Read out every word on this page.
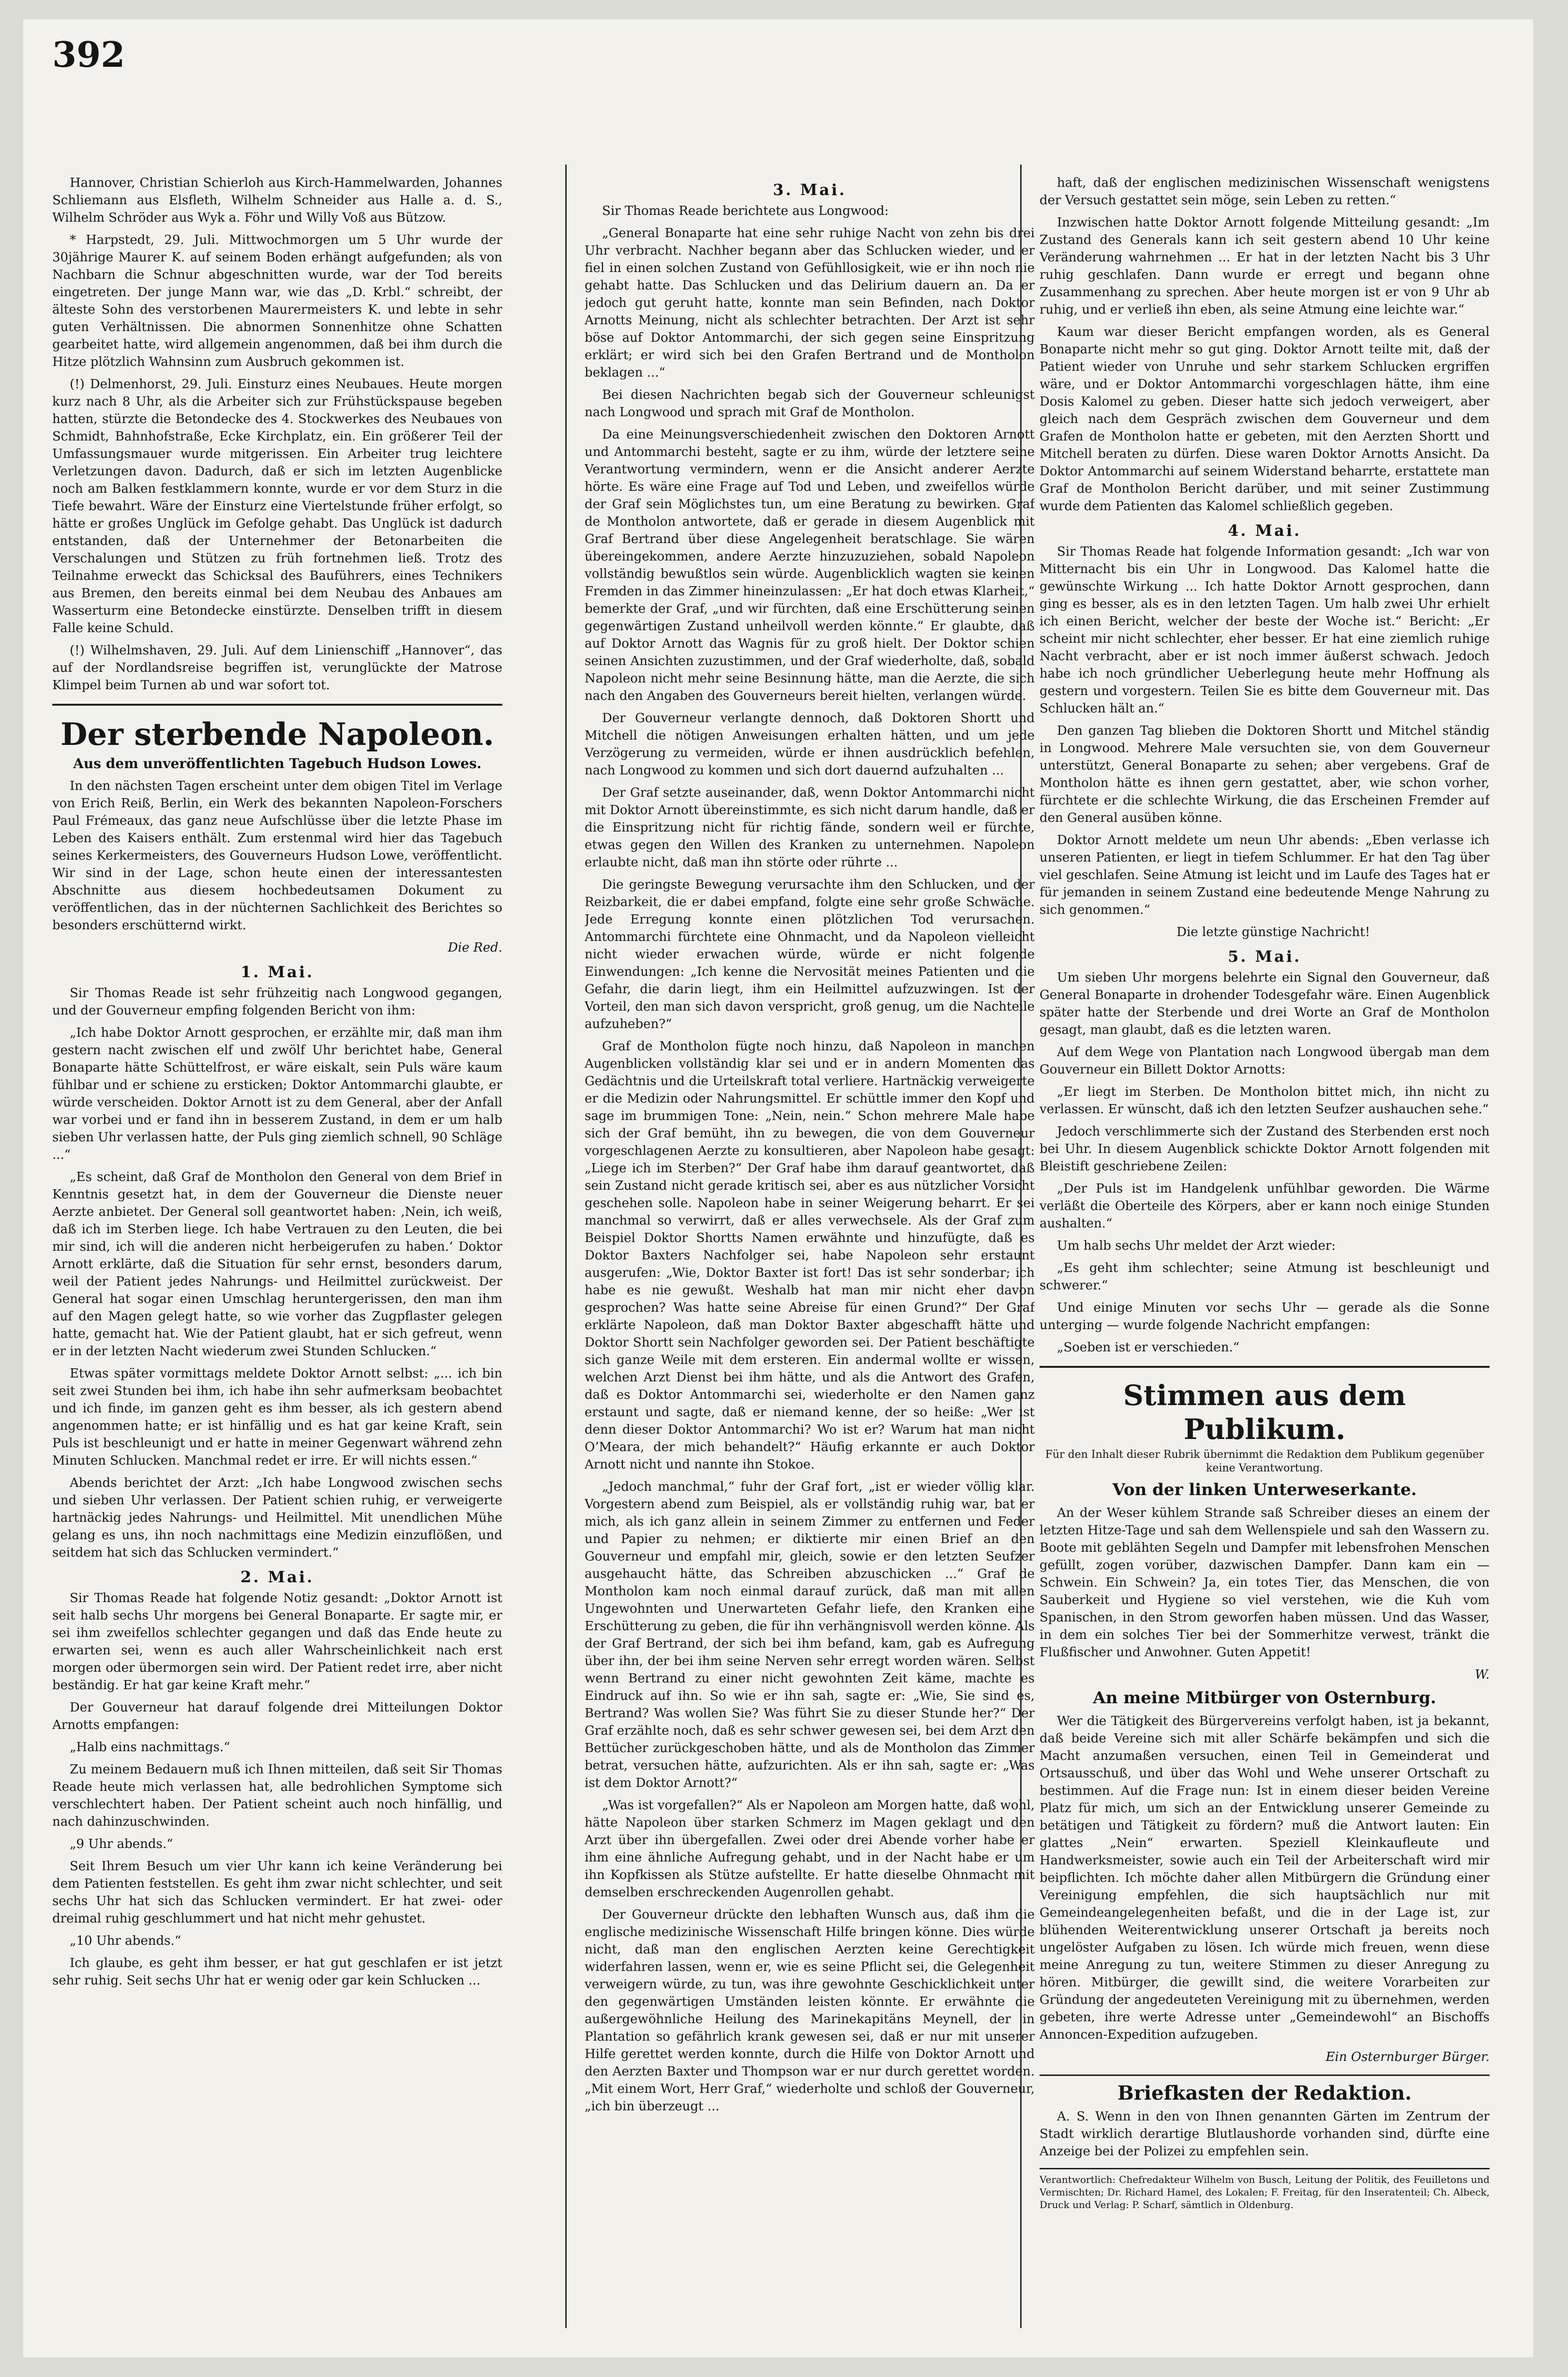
392

Hannover, Christian Schierloh aus Kirch-Hammelwarden, Johannes Schliemann aus Elsfleth, Wilhelm Schneider aus Halle a. d. S., Wilhelm Schröder aus Wyk a. Föhr und Willy Voß aus Bützow.

* Harpstedt, 29. Juli. Mittwochmorgen um 5 Uhr wurde der 30jährige Maurer K. auf seinem Boden erhängt aufgefunden; als von Nachbarn die Schnur abgeschnitten wurde, war der Tod bereits eingetreten. Der junge Mann war, wie das „D. Krbl.“ schreibt, der älteste Sohn des verstorbenen Maurermeisters K. und lebte in sehr guten Verhältnissen. Die abnormen Sonnenhitze ohne Schatten gearbeitet hatte, wird allgemein angenommen, daß bei ihm durch die Hitze plötzlich Wahnsinn zum Ausbruch gekommen ist.

(!) Delmenhorst, 29. Juli. Einsturz eines Neubaues. Heute morgen kurz nach 8 Uhr, als die Arbeiter sich zur Frühstückspause begeben hatten, stürzte die Betondecke des 4. Stockwerkes des Neubaues von Schmidt, Bahnhofstraße, Ecke Kirchplatz, ein. Ein größerer Teil der Umfassungsmauer wurde mitgerissen. Ein Arbeiter trug leichtere Verletzungen davon. Dadurch, daß er sich im letzten Augenblicke noch am Balken festklammern konnte, wurde er vor dem Sturz in die Tiefe bewahrt. Wäre der Einsturz eine Viertelstunde früher erfolgt, so hätte er großes Unglück im Gefolge gehabt. Das Unglück ist dadurch entstanden, daß der Unternehmer der Betonarbeiten die Verschalungen und Stützen zu früh fortnehmen ließ. Trotz des Teilnahme erweckt das Schicksal des Bauführers, eines Technikers aus Bremen, den bereits einmal bei dem Neubau des Anbaues am Wasserturm eine Betondecke einstürzte. Denselben trifft in diesem Falle keine Schuld.

(!) Wilhelmshaven, 29. Juli. Auf dem Linienschiff „Hannover“, das auf der Nordlandsreise begriffen ist, verunglückte der Matrose Klimpel beim Turnen ab und war sofort tot.

Der sterbende Napoleon.
Aus dem unveröffentlichten Tagebuch Hudson Lowes.

In den nächsten Tagen erscheint unter dem obigen Titel im Verlage von Erich Reiß, Berlin, ein Werk des bekannten Napoleon-Forschers Paul Frémeaux, das ganz neue Aufschlüsse über die letzte Phase im Leben des Kaisers enthält. Zum erstenmal wird hier das Tagebuch seines Kerkermeisters, des Gouverneurs Hudson Lowe, veröffentlicht. Wir sind in der Lage, schon heute einen der interessantesten Abschnitte aus diesem hochbedeutsamen Dokument zu veröffentlichen, das in der nüchternen Sachlichkeit des Berichtes so besonders erschütternd wirkt.

Die Red.
1. Mai.

Sir Thomas Reade ist sehr frühzeitig nach Longwood gegangen, und der Gouverneur empfing folgenden Bericht von ihm:

„Ich habe Doktor Arnott gesprochen, er erzählte mir, daß man ihm gestern nacht zwischen elf und zwölf Uhr berichtet habe, General Bonaparte hätte Schüttelfrost, er wäre eiskalt, sein Puls wäre kaum fühlbar und er schiene zu ersticken; Doktor Antommarchi glaubte, er würde verscheiden. Doktor Arnott ist zu dem General, aber der Anfall war vorbei und er fand ihn in besserem Zustand, in dem er um halb sieben Uhr verlassen hatte, der Puls ging ziemlich schnell, 90 Schläge ...“

„Es scheint, daß Graf de Montholon den General von dem Brief in Kenntnis gesetzt hat, in dem der Gouverneur die Dienste neuer Aerzte anbietet. Der General soll geantwortet haben: ‚Nein, ich weiß, daß ich im Sterben liege. Ich habe Vertrauen zu den Leuten, die bei mir sind, ich will die anderen nicht herbeigerufen zu haben.‘ Doktor Arnott erklärte, daß die Situation für sehr ernst, besonders darum, weil der Patient jedes Nahrungs- und Heilmittel zurückweist. Der General hat sogar einen Umschlag heruntergerissen, den man ihm auf den Magen gelegt hatte, so wie vorher das Zugpflaster gelegen hatte, gemacht hat. Wie der Patient glaubt, hat er sich gefreut, wenn er in der letzten Nacht wiederum zwei Stunden Schlucken.“

Etwas später vormittags meldete Doktor Arnott selbst: „... ich bin seit zwei Stunden bei ihm, ich habe ihn sehr aufmerksam beobachtet und ich finde, im ganzen geht es ihm besser, als ich gestern abend angenommen hatte; er ist hinfällig und es hat gar keine Kraft, sein Puls ist beschleunigt und er hatte in meiner Gegenwart während zehn Minuten Schlucken. Manchmal redet er irre. Er will nichts essen.“

Abends berichtet der Arzt: „Ich habe Longwood zwischen sechs und sieben Uhr verlassen. Der Patient schien ruhig, er verweigerte hartnäckig jedes Nahrungs- und Heilmittel. Mit unendlichen Mühe gelang es uns, ihn noch nachmittags eine Medizin einzuflößen, und seitdem hat sich das Schlucken vermindert.“

2. Mai.

Sir Thomas Reade hat folgende Notiz gesandt: „Doktor Arnott ist seit halb sechs Uhr morgens bei General Bonaparte. Er sagte mir, er sei ihm zweifellos schlechter gegangen und daß das Ende heute zu erwarten sei, wenn es auch aller Wahrscheinlichkeit nach erst morgen oder übermorgen sein wird. Der Patient redet irre, aber nicht beständig. Er hat gar keine Kraft mehr.“

Der Gouverneur hat darauf folgende drei Mitteilungen Doktor Arnotts empfangen:

„Halb eins nachmittags.“

Zu meinem Bedauern muß ich Ihnen mitteilen, daß seit Sir Thomas Reade heute mich verlassen hat, alle bedrohlichen Symptome sich verschlechtert haben. Der Patient scheint auch noch hinfällig, und nach dahinzuschwinden.

„9 Uhr abends.“

Seit Ihrem Besuch um vier Uhr kann ich keine Veränderung bei dem Patienten feststellen. Es geht ihm zwar nicht schlechter, und seit sechs Uhr hat sich das Schlucken vermindert. Er hat zwei- oder dreimal ruhig geschlummert und hat nicht mehr gehustet.

„10 Uhr abends.“

Ich glaube, es geht ihm besser, er hat gut geschlafen er ist jetzt sehr ruhig. Seit sechs Uhr hat er wenig oder gar kein Schlucken ...

3. Mai.

Sir Thomas Reade berichtete aus Longwood:

„General Bonaparte hat eine sehr ruhige Nacht von zehn bis drei Uhr verbracht. Nachher begann aber das Schlucken wieder, und er fiel in einen solchen Zustand von Gefühllosigkeit, wie er ihn noch nie gehabt hatte. Das Schlucken und das Delirium dauern an. Da er jedoch gut geruht hatte, konnte man sein Befinden, nach Doktor Arnotts Meinung, nicht als schlechter betrachten. Der Arzt ist sehr böse auf Doktor Antommarchi, der sich gegen seine Einspritzung erklärt; er wird sich bei den Grafen Bertrand und de Montholon beklagen ...“

Bei diesen Nachrichten begab sich der Gouverneur schleunigst nach Longwood und sprach mit Graf de Montholon.

Da eine Meinungsverschiedenheit zwischen den Doktoren Arnott und Antommarchi besteht, sagte er zu ihm, würde der letztere seine Verantwortung vermindern, wenn er die Ansicht anderer Aerzte hörte. Es wäre eine Frage auf Tod und Leben, und zweifellos würde der Graf sein Möglichstes tun, um eine Beratung zu bewirken. Graf de Montholon antwortete, daß er gerade in diesem Augenblick mit Graf Bertrand über diese Angelegenheit beratschlage. Sie wären übereingekommen, andere Aerzte hinzuzuziehen, sobald Napoleon vollständig bewußtlos sein würde. Augenblicklich wagten sie keinen Fremden in das Zimmer hineinzulassen: „Er hat doch etwas Klarheit,“ bemerkte der Graf, „und wir fürchten, daß eine Erschütterung seinen gegenwärtigen Zustand unheilvoll werden könnte.“ Er glaubte, daß auf Doktor Arnott das Wagnis für zu groß hielt. Der Doktor schien seinen Ansichten zuzustimmen, und der Graf wiederholte, daß, sobald Napoleon nicht mehr seine Besinnung hätte, man die Aerzte, die sich nach den Angaben des Gouverneurs bereit hielten, verlangen würde.

Der Gouverneur verlangte dennoch, daß Doktoren Shortt und Mitchell die nötigen Anweisungen erhalten hätten, und um jede Verzögerung zu vermeiden, würde er ihnen ausdrücklich befehlen, nach Longwood zu kommen und sich dort dauernd aufzuhalten ...

Der Graf setzte auseinander, daß, wenn Doktor Antommarchi nicht mit Doktor Arnott übereinstimmte, es sich nicht darum handle, daß er die Einspritzung nicht für richtig fände, sondern weil er fürchte, etwas gegen den Willen des Kranken zu unternehmen. Napoleon erlaubte nicht, daß man ihn störte oder rührte ...

Die geringste Bewegung verursachte ihm den Schlucken, und der Reizbarkeit, die er dabei empfand, folgte eine sehr große Schwäche. Jede Erregung konnte einen plötzlichen Tod verursachen. Antommarchi fürchtete eine Ohnmacht, und da Napoleon vielleicht nicht wieder erwachen würde, würde er nicht folgende Einwendungen: „Ich kenne die Nervosität meines Patienten und die Gefahr, die darin liegt, ihm ein Heilmittel aufzuzwingen. Ist der Vorteil, den man sich davon verspricht, groß genug, um die Nachteile aufzuheben?“

Graf de Montholon fügte noch hinzu, daß Napoleon in manchen Augenblicken vollständig klar sei und er in andern Momenten das Gedächtnis und die Urteilskraft total verliere. Hartnäckig verweigerte er die Medizin oder Nahrungsmittel. Er schüttle immer den Kopf und sage im brummigen Tone: „Nein, nein.“ Schon mehrere Male habe sich der Graf bemüht, ihn zu bewegen, die von dem Gouverneur vorgeschlagenen Aerzte zu konsultieren, aber Napoleon habe gesagt: „Liege ich im Sterben?“ Der Graf habe ihm darauf geantwortet, daß sein Zustand nicht gerade kritisch sei, aber es aus nützlicher Vorsicht geschehen solle. Napoleon habe in seiner Weigerung beharrt. Er sei manchmal so verwirrt, daß er alles verwechsele. Als der Graf zum Beispiel Doktor Shortts Namen erwähnte und hinzufügte, daß es Doktor Baxters Nachfolger sei, habe Napoleon sehr erstaunt ausgerufen: „Wie, Doktor Baxter ist fort! Das ist sehr sonderbar; ich habe es nie gewußt. Weshalb hat man mir nicht eher davon gesprochen? Was hatte seine Abreise für einen Grund?“ Der Graf erklärte Napoleon, daß man Doktor Baxter abgeschafft hätte und Doktor Shortt sein Nachfolger geworden sei. Der Patient beschäftigte sich ganze Weile mit dem ersteren. Ein andermal wollte er wissen, welchen Arzt Dienst bei ihm hätte, und als die Antwort des Grafen, daß es Doktor Antommarchi sei, wiederholte er den Namen ganz erstaunt und sagte, daß er niemand kenne, der so heiße: „Wer ist denn dieser Doktor Antommarchi? Wo ist er? Warum hat man nicht O’Meara, der mich behandelt?“ Häufig erkannte er auch Doktor Arnott nicht und nannte ihn Stokoe.

„Jedoch manchmal,“ fuhr der Graf fort, „ist er wieder völlig klar. Vorgestern abend zum Beispiel, als er vollständig ruhig war, bat er mich, als ich ganz allein in seinem Zimmer zu entfernen und Feder und Papier zu nehmen; er diktierte mir einen Brief an den Gouverneur und empfahl mir, gleich, sowie er den letzten Seufzer ausgehaucht hätte, das Schreiben abzuschicken ...“ Graf de Montholon kam noch einmal darauf zurück, daß man mit allen Ungewohnten und Unerwarteten Gefahr liefe, den Kranken eine Erschütterung zu geben, die für ihn verhängnisvoll werden könne. Als der Graf Bertrand, der sich bei ihm befand, kam, gab es Aufregung über ihn, der bei ihm seine Nerven sehr erregt worden wären. Selbst wenn Bertrand zu einer nicht gewohnten Zeit käme, machte es Eindruck auf ihn. So wie er ihn sah, sagte er: „Wie, Sie sind es, Bertrand? Was wollen Sie? Was führt Sie zu dieser Stunde her?“ Der Graf erzählte noch, daß es sehr schwer gewesen sei, bei dem Arzt den Bettücher zurückgeschoben hätte, und als de Montholon das Zimmer betrat, versuchen hätte, aufzurichten. Als er ihn sah, sagte er: „Was ist dem Doktor Arnott?“

„Was ist vorgefallen?“ Als er Napoleon am Morgen hatte, daß wohl, hätte Napoleon über starken Schmerz im Magen geklagt und den Arzt über ihn übergefallen. Zwei oder drei Abende vorher habe er ihm eine ähnliche Aufregung gehabt, und in der Nacht habe er um ihn Kopfkissen als Stütze aufstellte. Er hatte dieselbe Ohnmacht mit demselben erschreckenden Augenrollen gehabt.

Der Gouverneur drückte den lebhaften Wunsch aus, daß ihm die englische medizinische Wissenschaft Hilfe bringen könne. Dies würde nicht, daß man den englischen Aerzten keine Gerechtigkeit widerfahren lassen, wenn er, wie es seine Pflicht sei, die Gelegenheit verweigern würde, zu tun, was ihre gewohnte Geschicklichkeit unter den gegenwärtigen Umständen leisten könnte. Er erwähnte die außergewöhnliche Heilung des Marinekapitäns Meynell, der in Plantation so gefährlich krank gewesen sei, daß er nur mit unserer Hilfe gerettet werden konnte, durch die Hilfe von Doktor Arnott und den Aerzten Baxter und Thompson war er nur durch gerettet worden. „Mit einem Wort, Herr Graf,“ wiederholte und schloß der Gouverneur, „ich bin überzeugt ...

haft, daß der englischen medizinischen Wissenschaft wenigstens der Versuch gestattet sein möge, sein Leben zu retten.“

Inzwischen hatte Doktor Arnott folgende Mitteilung gesandt: „Im Zustand des Generals kann ich seit gestern abend 10 Uhr keine Veränderung wahrnehmen ... Er hat in der letzten Nacht bis 3 Uhr ruhig geschlafen. Dann wurde er erregt und begann ohne Zusammenhang zu sprechen. Aber heute morgen ist er von 9 Uhr ab ruhig, und er verließ ihn eben, als seine Atmung eine leichte war.“

Kaum war dieser Bericht empfangen worden, als es General Bonaparte nicht mehr so gut ging. Doktor Arnott teilte mit, daß der Patient wieder von Unruhe und sehr starkem Schlucken ergriffen wäre, und er Doktor Antommarchi vorgeschlagen hätte, ihm eine Dosis Kalomel zu geben. Dieser hatte sich jedoch verweigert, aber gleich nach dem Gespräch zwischen dem Gouverneur und dem Grafen de Montholon hatte er gebeten, mit den Aerzten Shortt und Mitchell beraten zu dürfen. Diese waren Doktor Arnotts Ansicht. Da Doktor Antommarchi auf seinem Widerstand beharrte, erstattete man Graf de Montholon Bericht darüber, und mit seiner Zustimmung wurde dem Patienten das Kalomel schließlich gegeben.

4. Mai.

Sir Thomas Reade hat folgende Information gesandt: „Ich war von Mitternacht bis ein Uhr in Longwood. Das Kalomel hatte die gewünschte Wirkung ... Ich hatte Doktor Arnott gesprochen, dann ging es besser, als es in den letzten Tagen. Um halb zwei Uhr erhielt ich einen Bericht, welcher der beste der Woche ist.“ Bericht: „Er scheint mir nicht schlechter, eher besser. Er hat eine ziemlich ruhige Nacht verbracht, aber er ist noch immer äußerst schwach. Jedoch habe ich noch gründlicher Ueberlegung heute mehr Hoffnung als gestern und vorgestern. Teilen Sie es bitte dem Gouverneur mit. Das Schlucken hält an.“

Den ganzen Tag blieben die Doktoren Shortt und Mitchel ständig in Longwood. Mehrere Male versuchten sie, von dem Gouverneur unterstützt, General Bonaparte zu sehen; aber vergebens. Graf de Montholon hätte es ihnen gern gestattet, aber, wie schon vorher, fürchtete er die schlechte Wirkung, die das Erscheinen Fremder auf den General ausüben könne.

Doktor Arnott meldete um neun Uhr abends: „Eben verlasse ich unseren Patienten, er liegt in tiefem Schlummer. Er hat den Tag über viel geschlafen. Seine Atmung ist leicht und im Laufe des Tages hat er für jemanden in seinem Zustand eine bedeutende Menge Nahrung zu sich genommen.“

Die letzte günstige Nachricht!

5. Mai.

Um sieben Uhr morgens belehrte ein Signal den Gouverneur, daß General Bonaparte in drohender Todesgefahr wäre. Einen Augenblick später hatte der Sterbende und drei Worte an Graf de Montholon gesagt, man glaubt, daß es die letzten waren.

Auf dem Wege von Plantation nach Longwood übergab man dem Gouverneur ein Billett Doktor Arnotts:

„Er liegt im Sterben. De Montholon bittet mich, ihn nicht zu verlassen. Er wünscht, daß ich den letzten Seufzer aushauchen sehe.“

Jedoch verschlimmerte sich der Zustand des Sterbenden erst noch bei Uhr. In diesem Augenblick schickte Doktor Arnott folgenden mit Bleistift geschriebene Zeilen:

„Der Puls ist im Handgelenk unfühlbar geworden. Die Wärme verläßt die Oberteile des Körpers, aber er kann noch einige Stunden aushalten.“

Um halb sechs Uhr meldet der Arzt wieder:

„Es geht ihm schlechter; seine Atmung ist beschleunigt und schwerer.“

Und einige Minuten vor sechs Uhr — gerade als die Sonne unterging — wurde folgende Nachricht empfangen:

„Soeben ist er verschieden.“

Stimmen aus dem Publikum.
Für den Inhalt dieser Rubrik übernimmt die Redaktion dem Publikum gegenüber keine Verantwortung.
Von der linken Unterweserkante.

An der Weser kühlem Strande saß Schreiber dieses an einem der letzten Hitze-Tage und sah dem Wellenspiele und sah den Wassern zu. Boote mit geblähten Segeln und Dampfer mit lebensfrohen Menschen gefüllt, zogen vorüber, dazwischen Dampfer. Dann kam ein — Schwein. Ein Schwein? Ja, ein totes Tier, das Menschen, die von Sauberkeit und Hygiene so viel verstehen, wie die Kuh vom Spanischen, in den Strom geworfen haben müssen. Und das Wasser, in dem ein solches Tier bei der Sommerhitze verwest, tränkt die Flußfischer und Anwohner. Guten Appetit!

W.
An meine Mitbürger von Osternburg.

Wer die Tätigkeit des Bürgervereins verfolgt haben, ist ja bekannt, daß beide Vereine sich mit aller Schärfe bekämpfen und sich die Macht anzumaßen versuchen, einen Teil in Gemeinderat und Ortsausschuß, und über das Wohl und Wehe unserer Ortschaft zu bestimmen. Auf die Frage nun: Ist in einem dieser beiden Vereine Platz für mich, um sich an der Entwicklung unserer Gemeinde zu betätigen und Tätigkeit zu fördern? muß die Antwort lauten: Ein glattes „Nein“ erwarten. Speziell Kleinkaufleute und Handwerksmeister, sowie auch ein Teil der Arbeiterschaft wird mir beipflichten. Ich möchte daher allen Mitbürgern die Gründung einer Vereinigung empfehlen, die sich hauptsächlich nur mit Gemeindeangelegenheiten befaßt, und die in der Lage ist, zur blühenden Weiterentwicklung unserer Ortschaft ja bereits noch ungelöster Aufgaben zu lösen. Ich würde mich freuen, wenn diese meine Anregung zu tun, weitere Stimmen zu dieser Anregung zu hören. Mitbürger, die gewillt sind, die weitere Vorarbeiten zur Gründung der angedeuteten Vereinigung mit zu übernehmen, werden gebeten, ihre werte Adresse unter „Gemeindewohl“ an Bischoffs Annoncen-Expedition aufzugeben.

Ein Osternburger Bürger.
Briefkasten der Redaktion.

A. S. Wenn in den von Ihnen genannten Gärten im Zentrum der Stadt wirklich derartige Blutlaushorde vorhanden sind, dürfte eine Anzeige bei der Polizei zu empfehlen sein.

Verantwortlich: Chefredakteur Wilhelm von Busch, Leitung der Politik, des Feuilletons und Vermischten; Dr. Richard Hamel, des Lokalen; F. Freitag, für den Inseratenteil; Ch. Albeck, Druck und Verlag: P. Scharf, sämtlich in Oldenburg.
